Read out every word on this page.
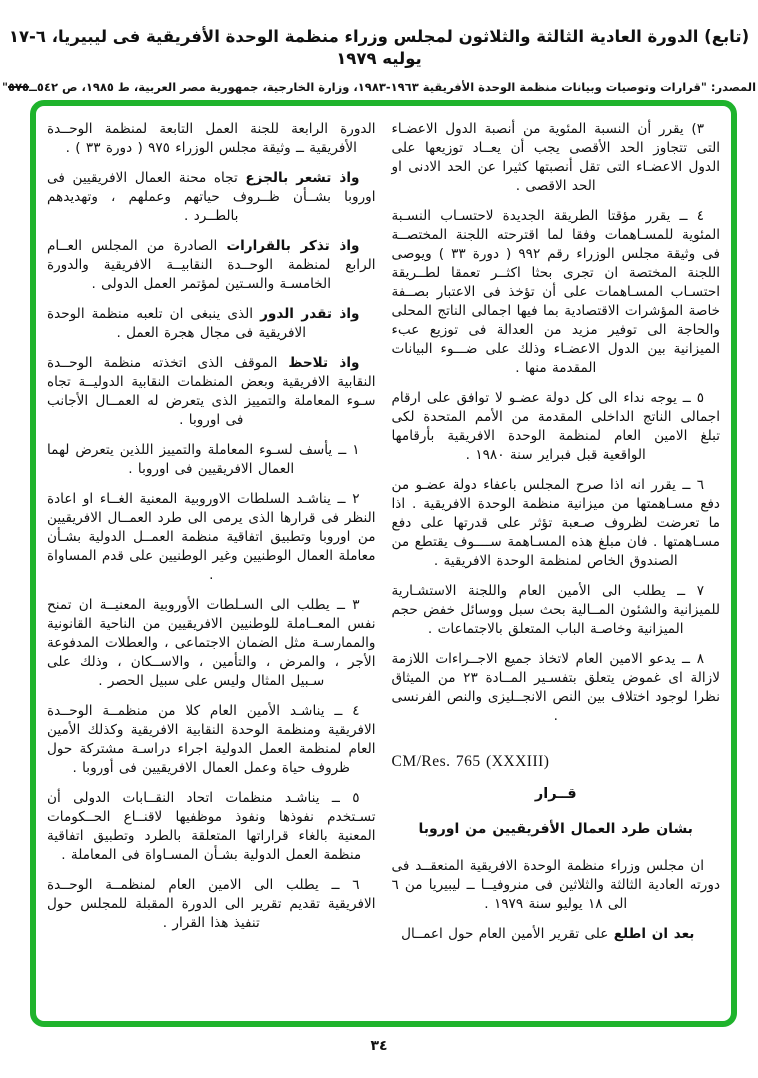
(تابع) الدورة العادية الثالثة والثلاثون لمجلس وزراء منظمة الوحدة الأفريقية فى ليبيريا، ٦-١٧ يوليه ١٩٧٩
المصدر: "قرارات وتوصيات وبيانات منظمة الوحدة الأفريقية ١٩٦٣-١٩٨٣، وزارة الخارجية، جمهورية مصر العربية، ط ١٩٨٥، ص ٥٤٢ــ٥٧٥"

٣) يقرر أن النسبة المئوية من أنصبة الدول الاعضـاء التى تتجاوز الحد الأقصى يجب أن يعــاد توزيعها على الدول الاعضـاء التى تقل أنصبتها كثيرا عن الحد الادنى او الحد الاقصى .

٤ ــ يقرر مؤقتا الطريقة الجديدة لاحتسـاب النسـبة المئوية للمسـاهمات وفقا لما اقترحته اللجنة المختصــة فى وثيقة مجلس الوزراء رقم ٩٩٢ ( دورة ٣٣ ) ويوصى اللجنة المختصة ان تجرى بحثا اكثــر تعمقا لطــريقة احتسـاب المسـاهمات على أن تؤخذ فى الاعتبار بصــفة خاصة المؤشرات الاقتصادية بما فيها اجمالى الناتج المحلى والحاجة الى توفير مزيد من العدالة فى توزيع عبء الميزانية بين الدول الاعضـاء وذلك على ضـــوء البيانات المقدمة منها .

٥ ــ يوجه نداء الى كل دولة عضـو لا توافق على ارقام اجمالى الناتج الداخلى المقدمة من الأمم المتحدة لكى تبلغ الامين العام لمنظمة الوحدة الافريقية بأرقامها الواقعية قبل فبراير سنة ١٩٨٠ .

٦ ــ يقرر انه اذا صرح المجلس باعفاء دولة عضـو من دفع مسـاهمتها من ميزانية منظمة الوحدة الافريقية . اذا ما تعرضت لظروف صـعبة تؤثر على قدرتها على دفع مسـاهمتها . فان مبلغ هذه المسـاهمة ســــوف يقتطع من الصندوق الخاص لمنظمة الوحدة الافريقية .

٧ ــ يطلب الى الأمين العام واللجنة الاستشـارية للميزانية والشئون المــالية بحث سبل ووسائل خفض حجم الميزانية وخاصـة الباب المتعلق بالاجتماعات .

٨ ــ يدعو الامين العام لاتخاذ جميع الاجــراءات اللازمة لازالة اى غموض يتعلق بتفسـير المــادة ٢٣ من الميثاق نظرا لوجود اختلاف بين النص الانجــليزى والنص الفرنسى .

CM/Res. 765 (XXXIII)

قــرار

بشان طرد العمال الأفريقيين من اوروبا

ان مجلس وزراء منظمة الوحدة الافريقية المنعقــد فى دورته العادية الثالثة والثلاثين فى منروفيــا ــ ليبيريا من ٦ الى ١٨ يوليو سنة ١٩٧٩ .

بعد ان اطلع على تقرير الأمين العام حول اعمــال

الدورة الرابعة للجنة العمل التابعة لمنظمة الوحــدة الأفريقية ــ وثيقة مجلس الوزراء ٩٧٥ ( دورة ٣٣ ) .

واذ تشعر بالجزع تجاه محنة العمال الافريقيين فى اوروبا بشــأن ظــروف حياتهم وعملهم ، وتهديدهم بالطــرد .

واذ تذكر بالقرارات الصادرة من المجلس العــام الرابع لمنظمة الوحــدة النقابيــة الافريقية والدورة الخامسـة والسـتين لمؤتمر العمل الدولى .

واذ تقدر الدور الذى ينبغى ان تلعبه منظمة الوحدة الافريقية فى مجال هجرة العمل .

واذ تلاحظ الموقف الذى اتخذته منظمة الوحــدة النقابية الافريقية وبعض المنظمات النقابية الدوليــة تجاه سـوء المعاملة والتمييز الذى يتعرض له العمــال الأجانب فى اوروبا .

١ ــ يأسف لسـوء المعاملة والتمييز اللذين يتعرض لهما العمال الافريقيين فى اوروبا .

٢ ــ يناشـد السلطات الاوروبية المعنية الغــاء او اعادة النظر فى قرارها الذى يرمى الى طرد العمــال الافريقيين من اوروبا وتطبيق اتفاقية منظمة العمــل الدولية بشـأن معاملة العمال الوطنيين وغير الوطنيين على قدم المساواة .

٣ ــ يطلب الى السـلطات الأوروبية المعنيــة ان تمنح نفس المعــاملة للوطنيين الافريقيين من الناحية القانونية والممارسـة مثل الضمان الاجتماعى ، والعطلات المدفوعة الأجر ، والمرض ، والتأمين ، والاســكان ، وذلك على سـبيل المثال وليس على سبيل الحصر .

٤ ــ يناشـد الأمين العام كلا من منظمــة الوحــدة الافريقية ومنظمة الوحدة النقابية الافريقية وكذلك الأمين العام لمنظمة العمل الدولية اجراء دراسـة مشتركة حول ظروف حياة وعمل العمال الافريقيين فى أوروبا .

٥ ــ يناشـد منظمات اتحاد النقــابات الدولى أن تسـتخدم نفوذها ونفوذ موظفيها لاقنــاع الحــكومات المعنية بالغاء قراراتها المتعلقة بالطرد وتطبيق اتفاقية منظمة العمل الدولية بشـأن المسـاواة فى المعاملة .

٦ ــ يطلب الى الامين العام لمنظمــة الوحــدة الافريقية تقديم تقرير الى الدورة المقبلة للمجلس حول تنفيذ هذا القرار .

٣٤
